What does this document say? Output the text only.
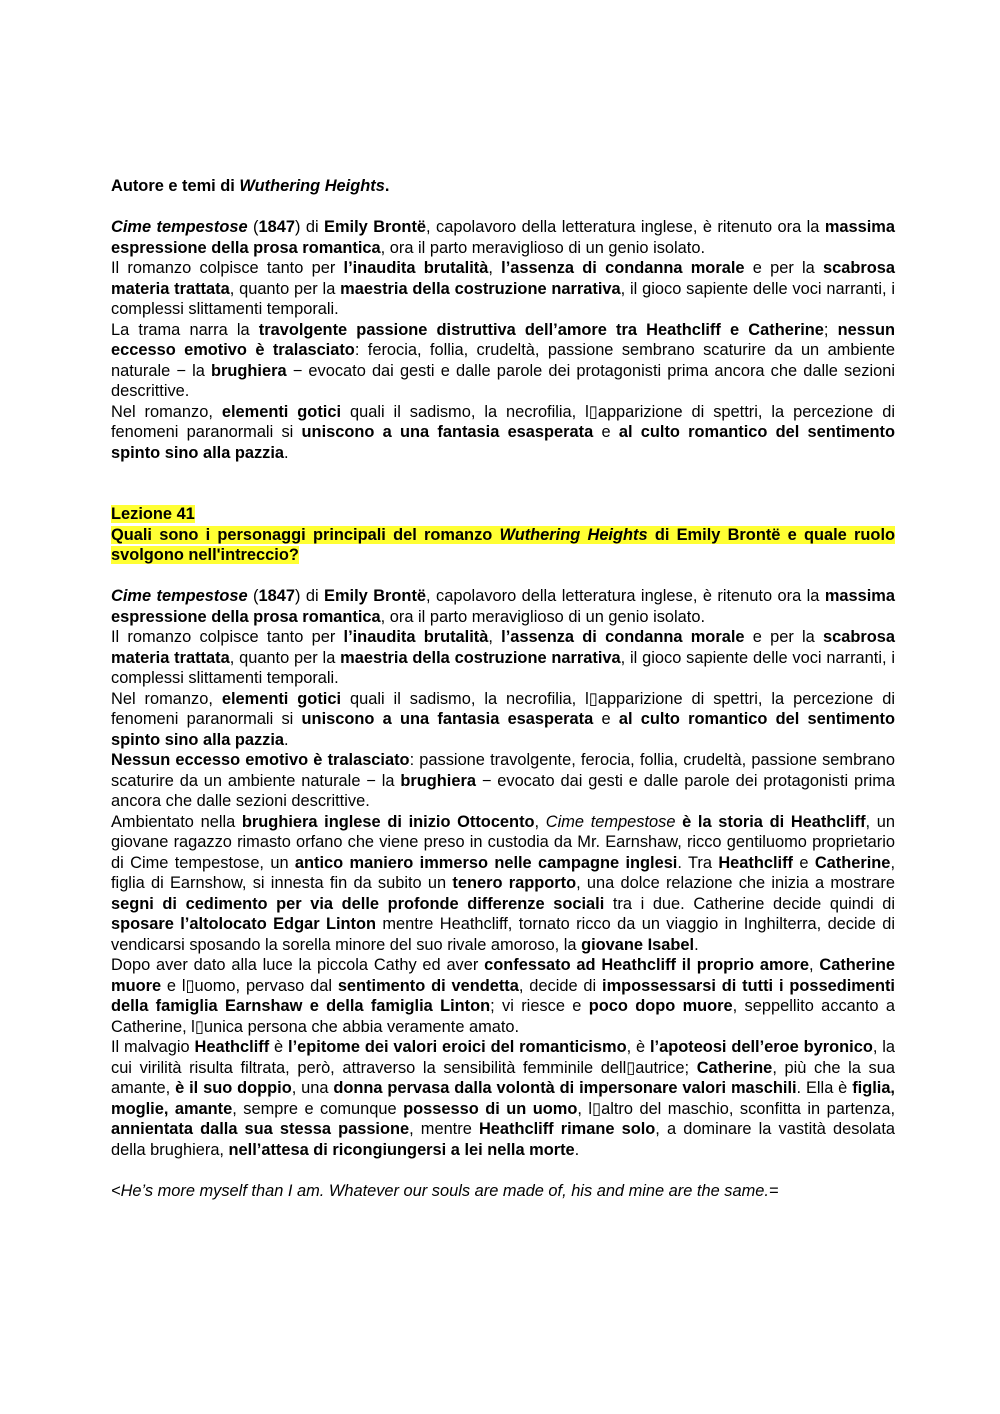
Autore e temi di Wuthering Heights.

Cime tempestose (1847) di Emily Brontë, capolavoro della letteratura inglese, è ritenuto ora la massima espressione della prosa romantica, ora il parto meraviglioso di un genio isolato.

Il romanzo colpisce tanto per l’inaudita brutalità, l’assenza di condanna morale e per la scabrosa materia trattata, quanto per la maestria della costruzione narrativa, il gioco sapiente delle voci narranti, i complessi slittamenti temporali.

La trama narra la travolgente passione distruttiva dell’amore tra Heathcliff e Catherine; nessun eccesso emotivo è tralasciato: ferocia, follia, crudeltà, passione sembrano scaturire da un ambiente naturale − la brughiera − evocato dai gesti e dalle parole dei protagonisti prima ancora che dalle sezioni descrittive.

Nel romanzo, elementi gotici quali il sadismo, la necrofilia, l▯apparizione di spettri, la percezione di fenomeni paranormali si uniscono a una fantasia esasperata e al culto romantico del sentimento spinto sino alla pazzia.

Lezione 41

Quali sono i personaggi principali del romanzo Wuthering Heights di Emily Brontë e quale ruolo svolgono nell'intreccio?

Cime tempestose (1847) di Emily Brontë, capolavoro della letteratura inglese, è ritenuto ora la massima espressione della prosa romantica, ora il parto meraviglioso di un genio isolato.

Il romanzo colpisce tanto per l’inaudita brutalità, l’assenza di condanna morale e per la scabrosa materia trattata, quanto per la maestria della costruzione narrativa, il gioco sapiente delle voci narranti, i complessi slittamenti temporali.

Nel romanzo, elementi gotici quali il sadismo, la necrofilia, l▯apparizione di spettri, la percezione di fenomeni paranormali si uniscono a una fantasia esasperata e al culto romantico del sentimento spinto sino alla pazzia.

Nessun eccesso emotivo è tralasciato: passione travolgente, ferocia, follia, crudeltà, passione sembrano scaturire da un ambiente naturale − la brughiera − evocato dai gesti e dalle parole dei protagonisti prima ancora che dalle sezioni descrittive.

Ambientato nella brughiera inglese di inizio Ottocento, Cime tempestose è la storia di Heathcliff, un giovane ragazzo rimasto orfano che viene preso in custodia da Mr. Earnshaw, ricco gentiluomo proprietario di Cime tempestose, un antico maniero immerso nelle campagne inglesi. Tra Heathcliff e Catherine, figlia di Earnshow, si innesta fin da subito un tenero rapporto, una dolce relazione che inizia a mostrare segni di cedimento per via delle profonde differenze sociali tra i due. Catherine decide quindi di sposare l’altolocato Edgar Linton mentre Heathcliff, tornato ricco da un viaggio in Inghilterra, decide di vendicarsi sposando la sorella minore del suo rivale amoroso, la giovane Isabel.

Dopo aver dato alla luce la piccola Cathy ed aver confessato ad Heathcliff il proprio amore, Catherine muore e l▯uomo, pervaso dal sentimento di vendetta, decide di impossessarsi di tutti i possedimenti della famiglia Earnshaw e della famiglia Linton; vi riesce e poco dopo muore, seppellito accanto a Catherine, l▯unica persona che abbia veramente amato.

Il malvagio Heathcliff è l’epitome dei valori eroici del romanticismo, è l’apoteosi dell’eroe byronico, la cui virilità risulta filtrata, però, attraverso la sensibilità femminile dell▯autrice; Catherine, più che la sua amante, è il suo doppio, una donna pervasa dalla volontà di impersonare valori maschili. Ella è figlia, moglie, amante, sempre e comunque possesso di un uomo, l▯altro del maschio, sconfitta in partenza, annientata dalla sua stessa passione, mentre Heathcliff rimane solo, a dominare la vastità desolata della brughiera, nell’attesa di ricongiungersi a lei nella morte.

<He’s more myself than I am. Whatever our souls are made of, his and mine are the same.=
